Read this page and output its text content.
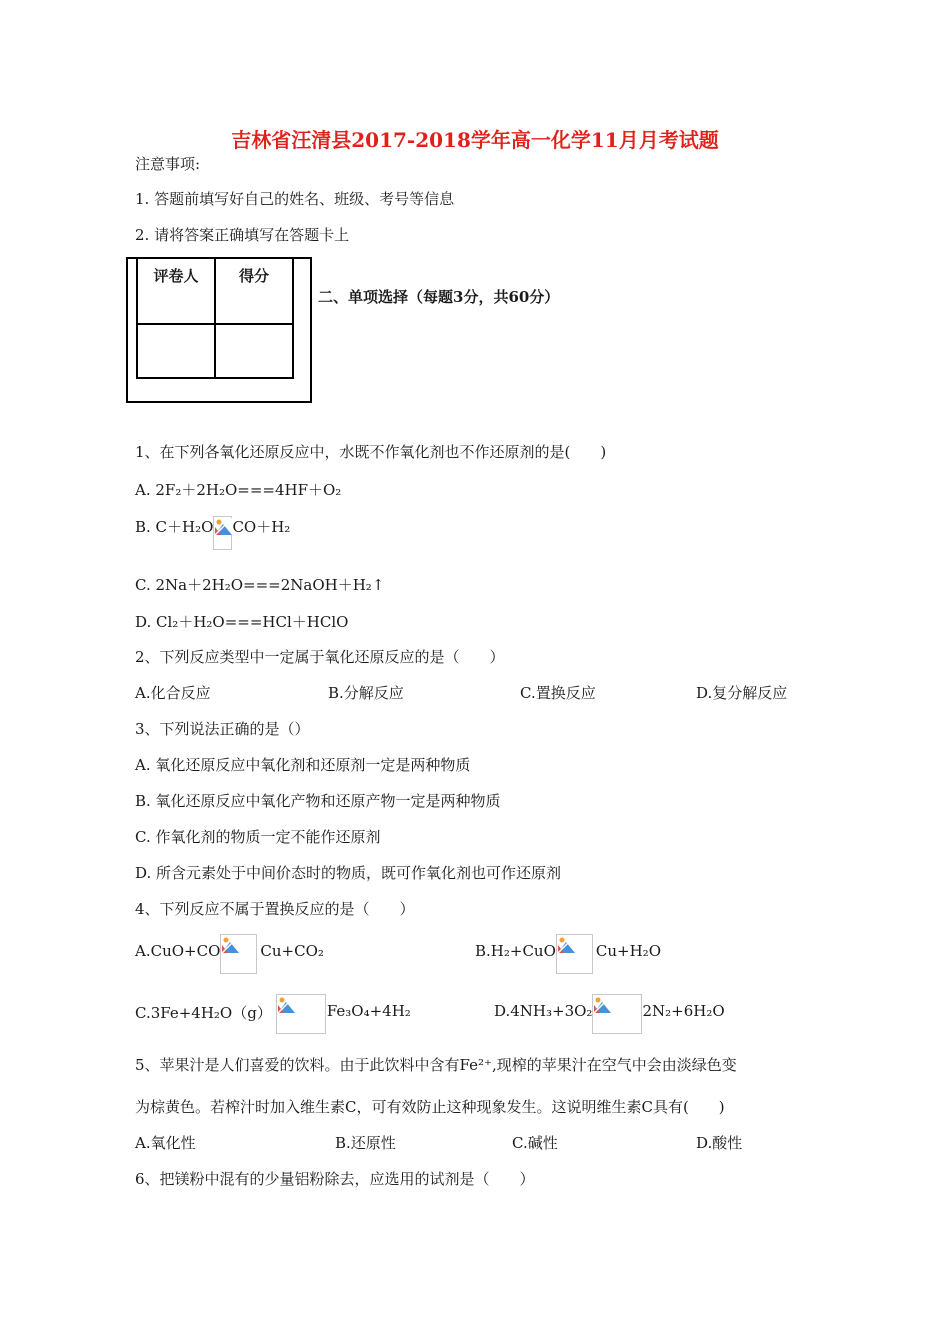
吉林省汪清县2017-2018学年高一化学11月月考试题
注意事项:
1. 答题前填写好自己的姓名、班级、考号等信息
2. 请将答案正确填写在答题卡上
评卷人	得分

二、单项选择（每题3分，共60分）
1、在下列各氧化还原反应中，水既不作氧化剂也不作还原剂的是(　　)
A. 2F₂＋2H₂O===4HF＋O₂
B. C＋H₂O CO＋H₂
C. 2Na＋2H₂O===2NaOH＋H₂↑
D. Cl₂＋H₂O===HCl＋HClO
2、下列反应类型中一定属于氧化还原反应的是（　　）
A.化合反应	B.分解反应	C.置换反应	D.复分解反应
3、下列说法正确的是（）
A. 氧化还原反应中氧化剂和还原剂一定是两种物质
B. 氧化还原反应中氧化产物和还原产物一定是两种物质
C. 作氧化剂的物质一定不能作还原剂
D. 所含元素处于中间价态时的物质，既可作氧化剂也可作还原剂
4、下列反应不属于置换反应的是（　　）
A.CuO+CO	Cu+CO₂	B.H₂+CuO	Cu+H₂O
C.3Fe+4H₂O（g）	Fe₃O₄+4H₂	D.4NH₃+3O₂	2N₂+6H₂O
5、苹果汁是人们喜爱的饮料。由于此饮料中含有Fe²⁺,现榨的苹果汁在空气中会由淡绿色变
为棕黄色。若榨汁时加入维生素C，可有效防止这种现象发生。这说明维生素C具有(　　)
A.氧化性	B.还原性	C.碱性	D.酸性
6、把镁粉中混有的少量铝粉除去，应选用的试剂是（　　）
